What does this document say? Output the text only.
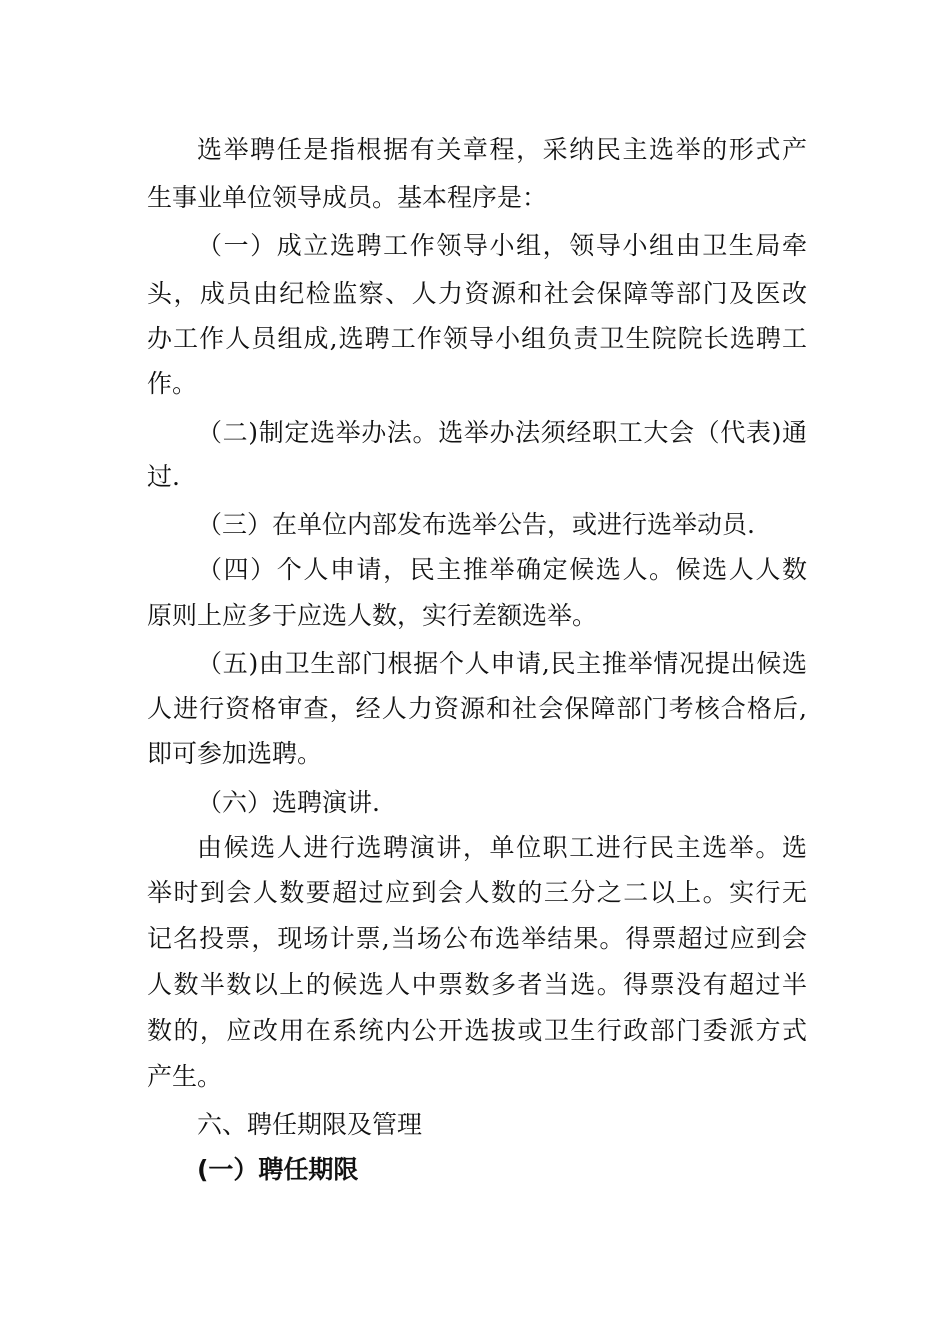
选举聘任是指根据有关章程，采纳民主选举的形式产
生事业单位领导成员。基本程序是：
（一）成立选聘工作领导小组，领导小组由卫生局牵
头，成员由纪检监察、人力资源和社会保障等部门及医改
办工作人员组成,选聘工作领导小组负责卫生院院长选聘工
作。
（二)制定选举办法。选举办法须经职工大会（代表)通
过.
（三）在单位内部发布选举公告，或进行选举动员.
（四）个人申请，民主推举确定候选人。候选人人数
原则上应多于应选人数，实行差额选举。
（五)由卫生部门根据个人申请,民主推举情况提出候选
人进行资格审查，经人力资源和社会保障部门考核合格后,
即可参加选聘。
（六）选聘演讲.
由候选人进行选聘演讲，单位职工进行民主选举。选
举时到会人数要超过应到会人数的三分之二以上。实行无
记名投票，现场计票,当场公布选举结果。得票超过应到会
人数半数以上的候选人中票数多者当选。得票没有超过半
数的，应改用在系统内公开选拔或卫生行政部门委派方式
产生。
六、聘任期限及管理
(一）聘任期限
